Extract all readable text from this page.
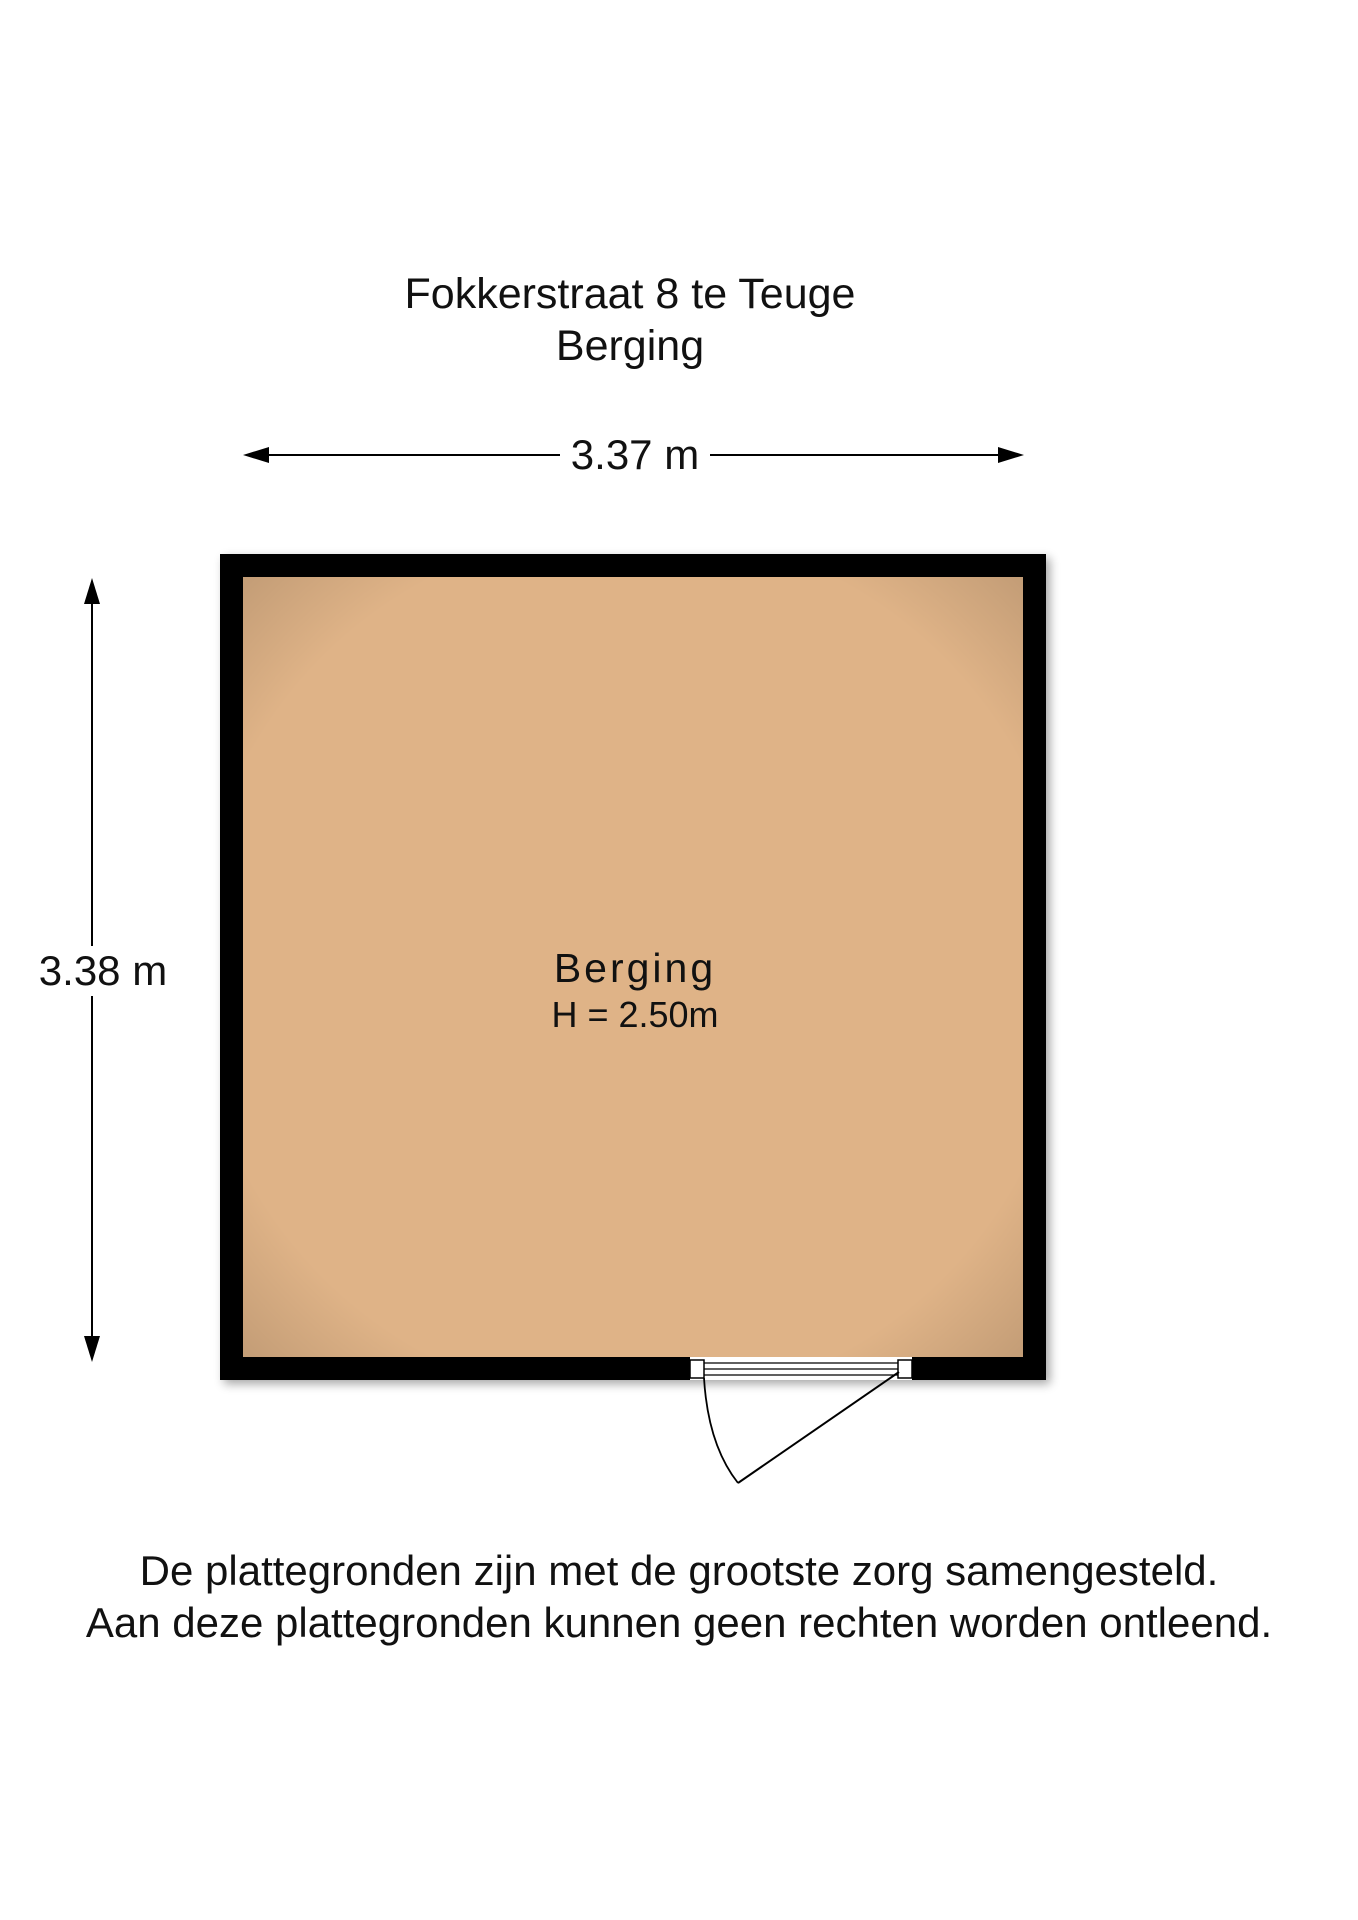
Fokkerstraat 8 te Teuge
Berging
3.37 m
3.38 m	Berging
H = 2.50m
De plattegronden zijn met de grootste zorg samengesteld.
Aan deze plattegronden kunnen geen rechten worden ontleend.
